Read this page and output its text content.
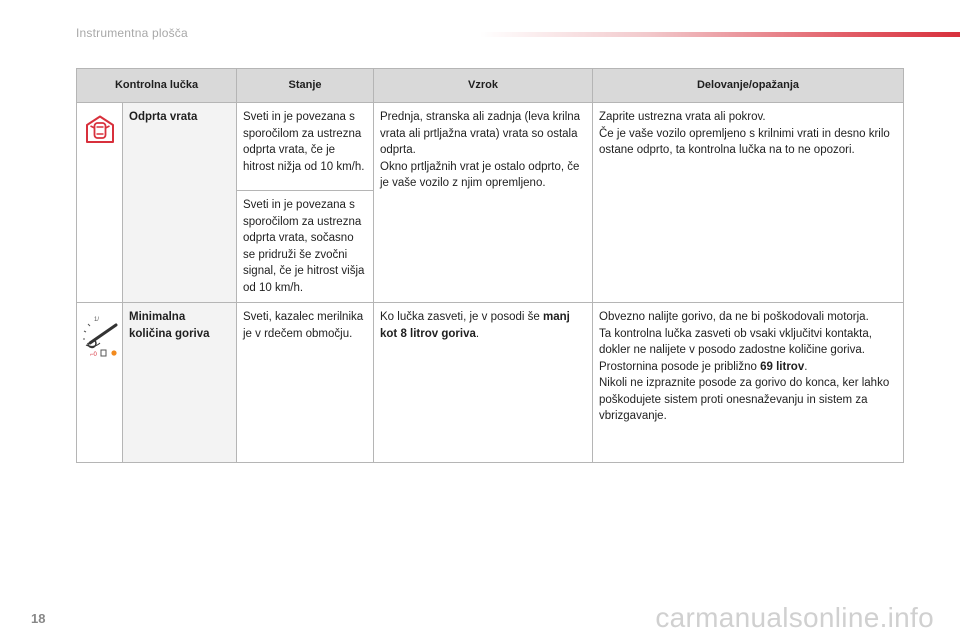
Instrumentna plošča
Kontrolna lučka		Stanje	Vzrok	Delovanje/opažanja

	Odprta vrata	Sveti in je povezana s sporočilom za ustrezna odprta vrata, če je hitrost nižja od 10 km/h.	Prednja, stranska ali zadnja (leva krilna vrata ali prtljažna vrata) vrata so ostala odprta.
Okno prtljažnih vrat je ostalo odprto, če je vaše vozilo z njim opremljeno.	Zaprite ustrezna vrata ali pokrov.
Če je vaše vozilo opremljeno s krilnimi vrati in desno krilo ostane odprto, ta kontrolna lučka na to ne opozori.
		Sveti in je povezana s sporočilom za ustrezna odprta vrata, sočasno se pridruži še zvočni signal, če je hitrost višja od 10 km/h.		

1/
⌐0	Minimalna količina goriva	Sveti, kazalec merilnika je v rdečem območju.	Ko lučka zasveti, je v posodi še manj kot 8 litrov goriva.	Obvezno nalijte gorivo, da ne bi poškodovali motorja.
Ta kontrolna lučka zasveti ob vsaki vključitvi kontakta, dokler ne nalijete v posodo zadostne količine goriva.
Prostornina posode je približno 69 litrov.
Nikoli ne izpraznite posode za gorivo do konca, ker lahko poškodujete sistem proti onesnaževanju in sistem za vbrizgavanje.
18	carmanualsonline.info
